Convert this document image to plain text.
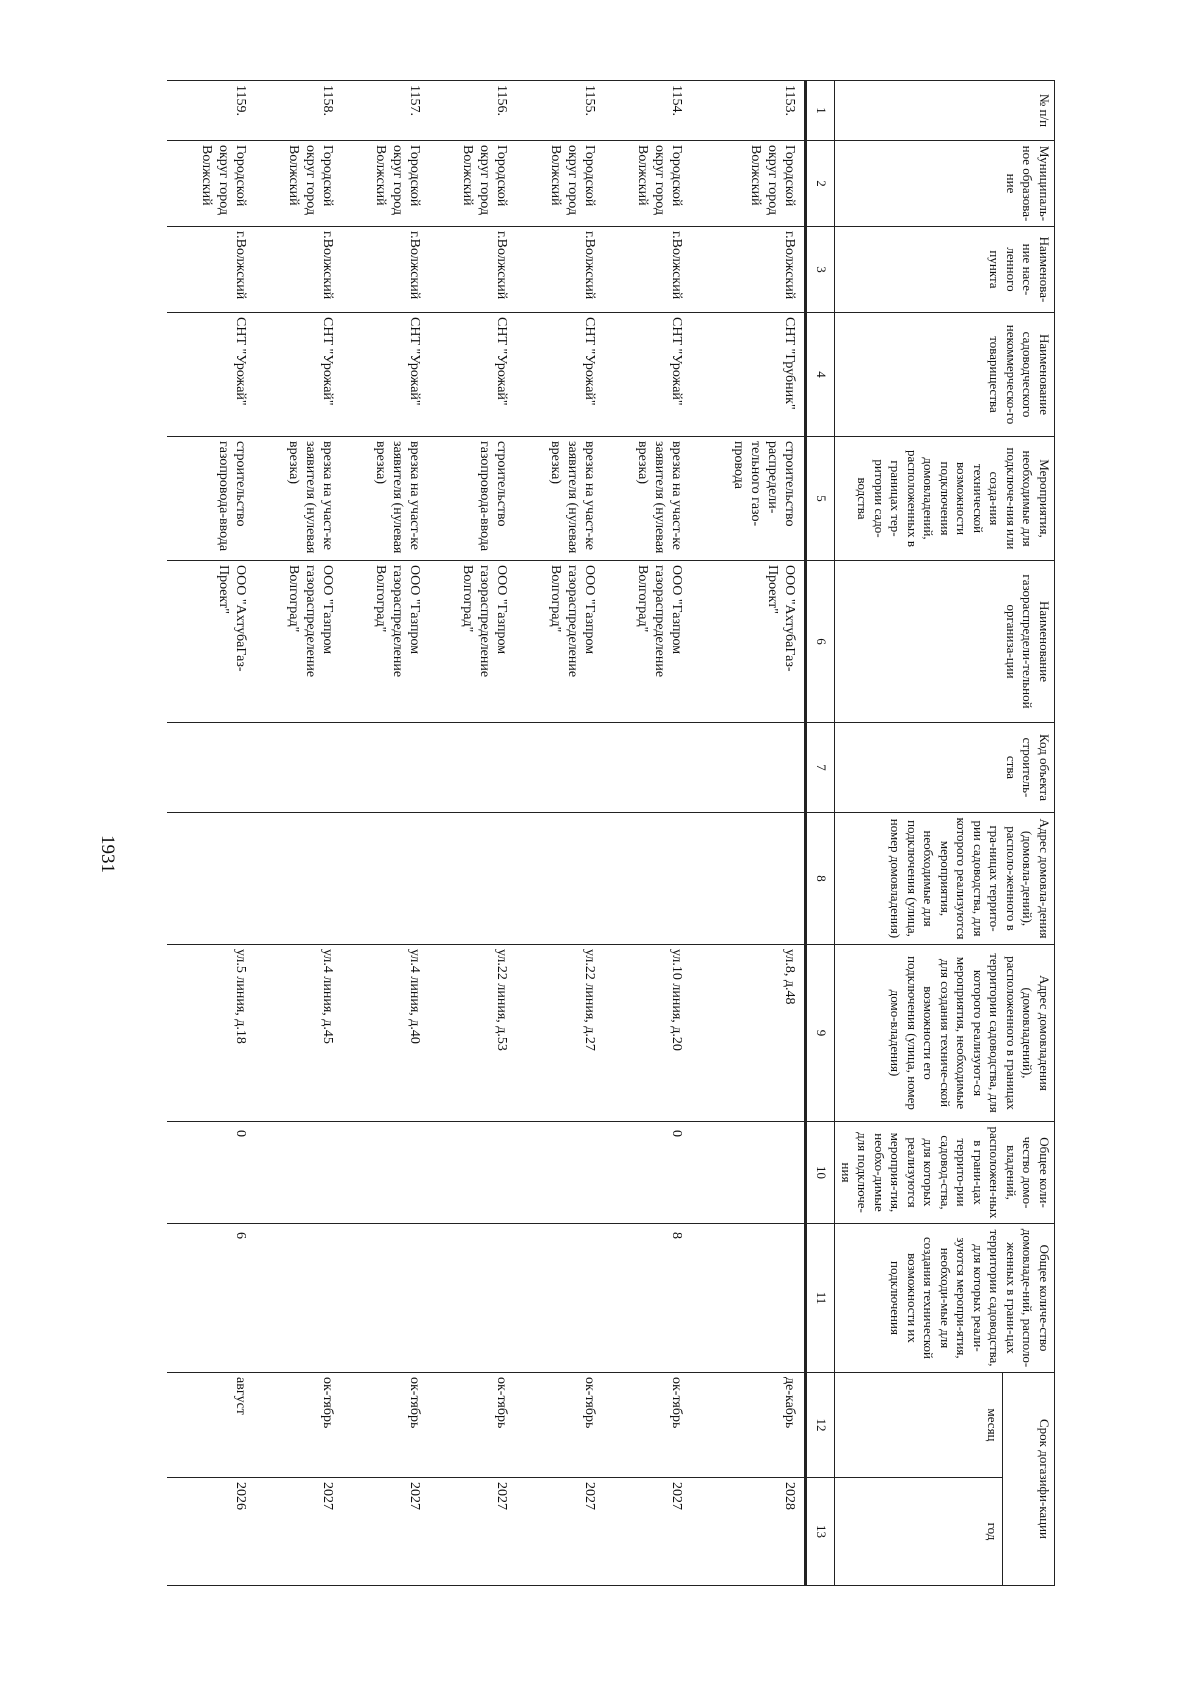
1931
№ п/п	Муниципаль-ное образова-ние	Наименова-ние насе-ленного пункта	Наименование садоводческого некоммерческо-го товарищества	Мероприятия, необходимые для подключе-ния или созда-ния технической возможности подключения домовладений, расположенных в границах тер-ритории садо-водства	Наименование газораспредели-тельной организа-ции	Код объекта строитель-ства	Адрес домовла-дения (домовла-дений), располо-женного в гра-ницах террито-рии садоводства, для которого реализуются мероприятия, необходимые для подключения (улица, номер домовладения)	Адрес домовладения (домовладений), расположенного в границах территории садоводства, для которого реализуют-ся мероприятия, необходимые для создания техниче-ской возможности его подключения (улица, номер домо-владения)	Общее коли-чество домо-владений, расположен-ных в грани-цах террито-рии садовод-ства, для которых реализуются мероприя-тия, необхо-димые для подключе-ния	Общее количе-ство домовладе-ний, располо-женных в грани-цах территории садоводства, для которых реали-зуются меропри-ятия, необходи-мые для создания технической возможности их подключения	Срок догазифи-кации	
											месяц	год
1	2	3	4	5	6	7	8	9	10	11	12	13
1153.	Городской округ город Волжский	г.Волжский	СНТ "Грубник"	строительство распредели-тельного газо-провода	ООО "АхтубаГаз-Проект"			ул.8, д.48			де-кабрь	2028
1154.	Городской округ город Волжский	г.Волжский	СНТ "Урожай"	врезка на участ-ке заявителя (нулевая врезка)	ООО "Газпром газораспределение Волгоград"			ул.10 линия, д.20	0	8	ок-тябрь	2027
1155.	Городской округ город Волжский	г.Волжский	СНТ "Урожай"	врезка на участ-ке заявителя (нулевая врезка)	ООО "Газпром газораспределение Волгоград"			ул.22 линия, д.27			ок-тябрь	2027
1156.	Городской округ город Волжский	г.Волжский	СНТ "Урожай"	строительство газопровода-ввода	ООО "Газпром газораспределение Волгоград"			ул.22 линия, д.53			ок-тябрь	2027
1157.	Городской округ город Волжский	г.Волжский	СНТ "Урожай"	врезка на участ-ке заявителя (нулевая врезка)	ООО "Газпром газораспределение Волгоград"			ул.4 линия, д.40			ок-тябрь	2027
1158.	Городской округ город Волжский	г.Волжский	СНТ "Урожай"	врезка на участ-ке заявителя (нулевая врезка)	ООО "Газпром газораспределение Волгоград"			ул.4 линия, д.45			ок-тябрь	2027
1159.	Городской округ город Волжский	г.Волжский	СНТ "Урожай"	строительство газопровода-ввода	ООО "АхтубаГаз-Проект"			ул.5 линия, д.18	0	6	август	2026
